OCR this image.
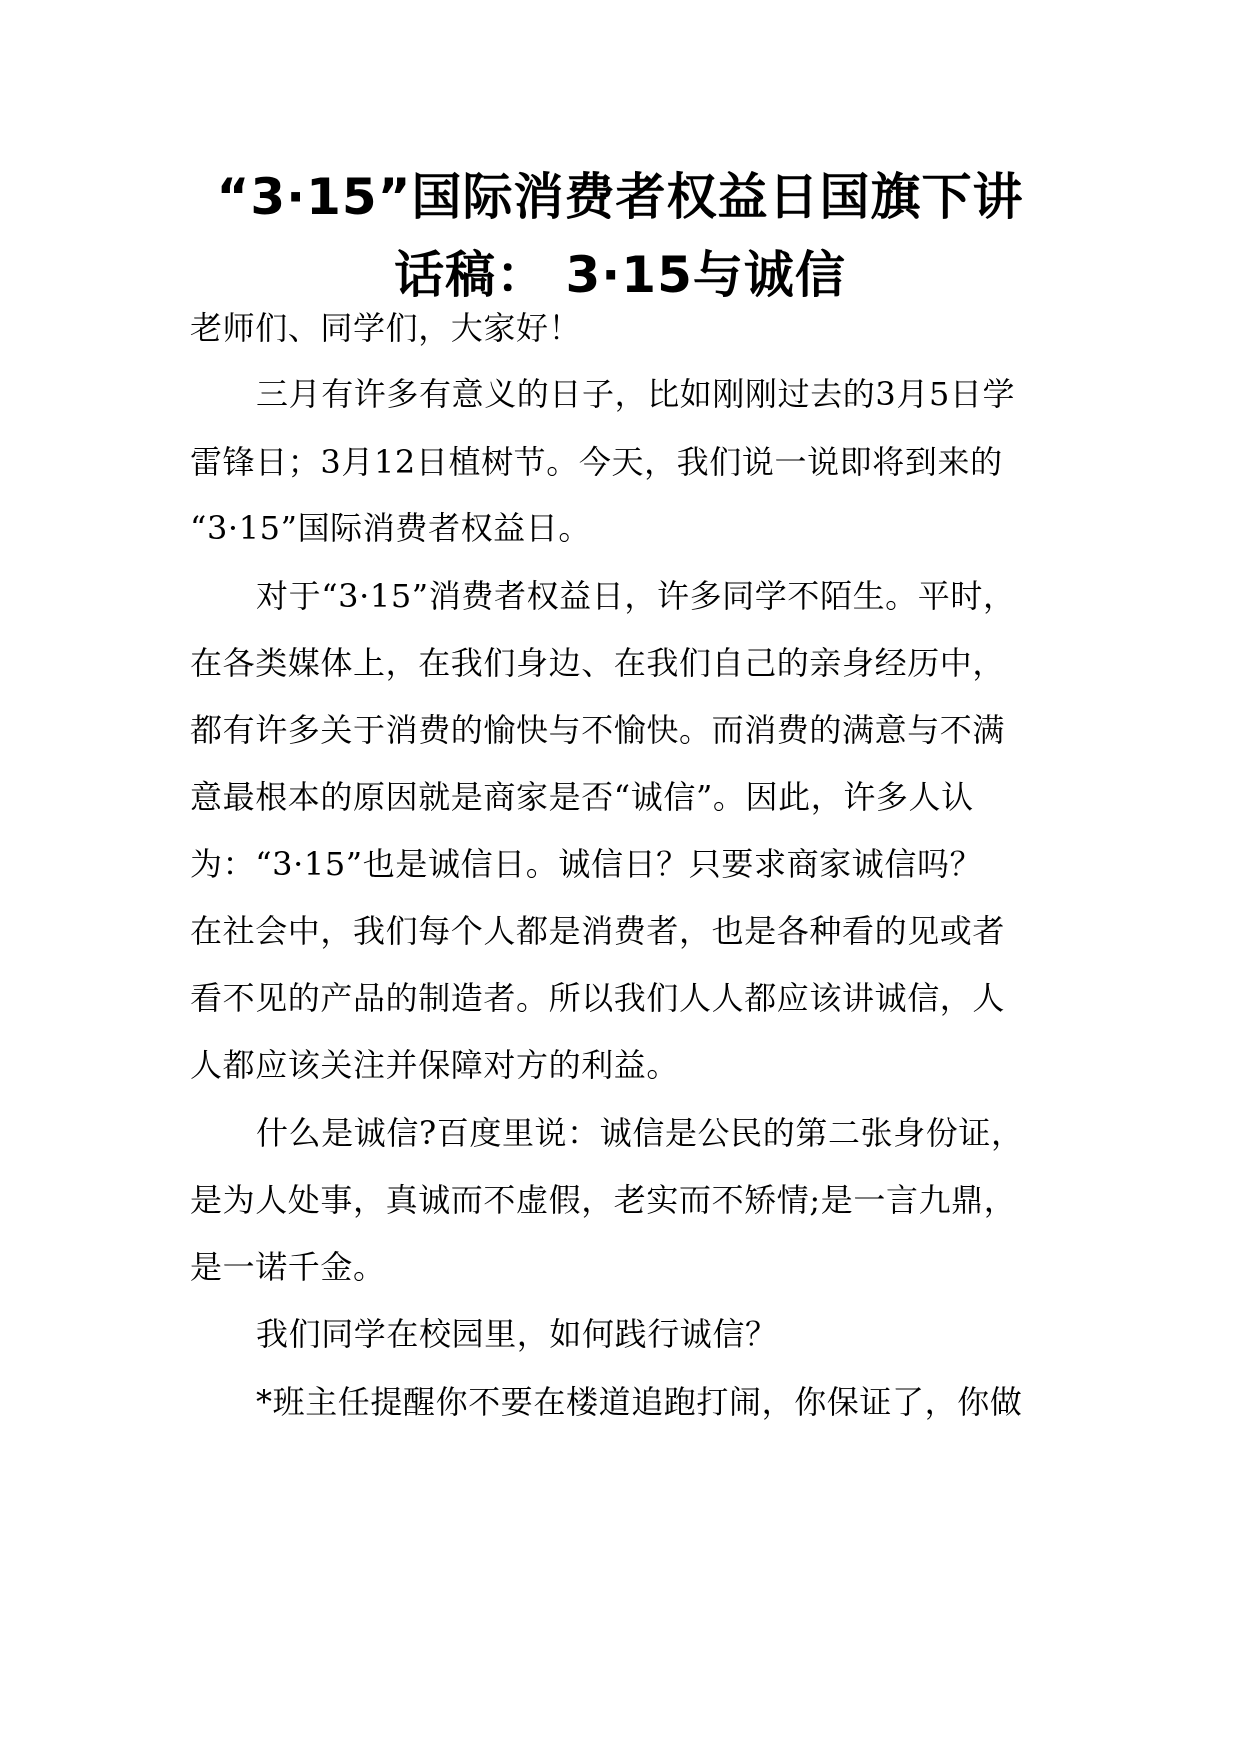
“3·15”国际消费者权益日国旗下讲
话稿： 3·15与诚信
老师们、同学们，大家好！
三月有许多有意义的日子，比如刚刚过去的3月5日学
雷锋日；3月12日植树节。今天，我们说一说即将到来的
“3·15”国际消费者权益日。
对于“3·15”消费者权益日，许多同学不陌生。平时，
在各类媒体上，在我们身边、在我们自己的亲身经历中，
都有许多关于消费的愉快与不愉快。而消费的满意与不满
意最根本的原因就是商家是否“诚信”。因此，许多人认
为：“3·15”也是诚信日。诚信日？只要求商家诚信吗？
在社会中，我们每个人都是消费者，也是各种看的见或者
看不见的产品的制造者。所以我们人人都应该讲诚信，人
人都应该关注并保障对方的利益。
什么是诚信?百度里说：诚信是公民的第二张身份证，
是为人处事，真诚而不虚假，老实而不矫情;是一言九鼎，
是一诺千金。
我们同学在校园里，如何践行诚信？
*班主任提醒你不要在楼道追跑打闹，你保证了，你做
